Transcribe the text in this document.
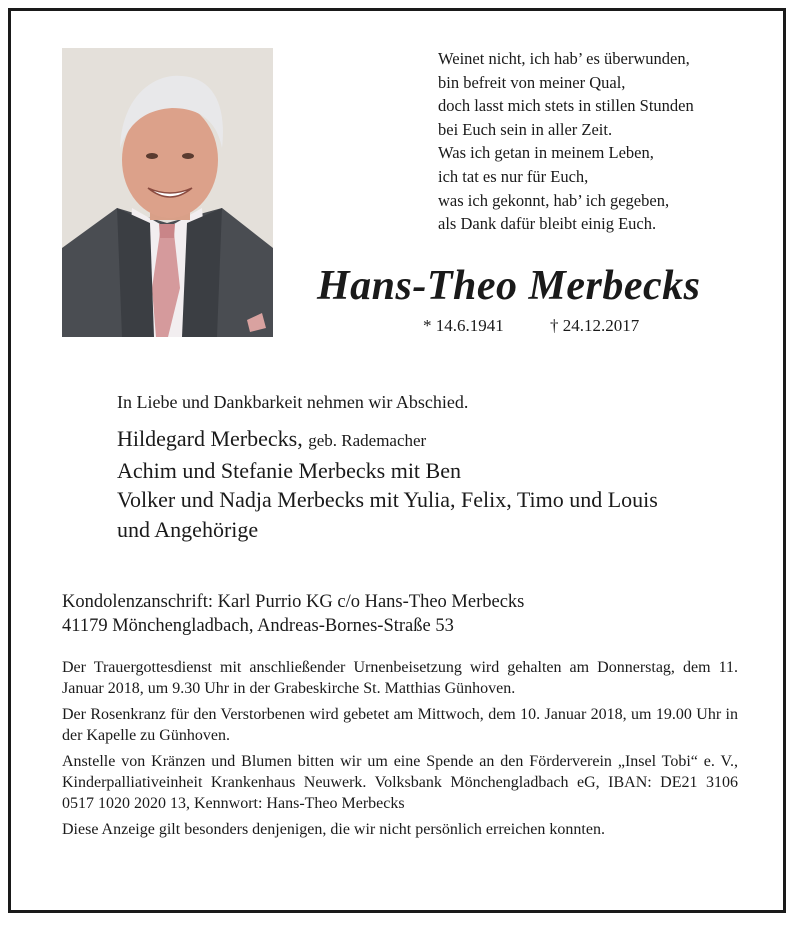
Weinet nicht, ich hab’ es überwunden,
bin befreit von meiner Qual,
doch lasst mich stets in stillen Stunden
bei Euch sein in aller Zeit.
Was ich getan in meinem Leben,
ich tat es nur für Euch,
was ich gekonnt, hab’ ich gegeben,
als Dank dafür bleibt einig Euch.
Hans-Theo Merbecks
* 14.6.1941	† 24.12.2017
In Liebe und Dankbarkeit nehmen wir Abschied.
Hildegard Merbecks, geb. Rademacher
Achim und Stefanie Merbecks mit Ben
Volker und Nadja Merbecks mit Yulia, Felix, Timo und Louis
und Angehörige
Kondolenzanschrift: Karl Purrio KG c/o Hans-Theo Merbecks
41179 Mönchengladbach, Andreas-Bornes-Straße 53

Der Trauergottesdienst mit anschließender Urnenbeisetzung wird gehalten am Donnerstag, dem 11. Januar 2018, um 9.30 Uhr in der Grabeskirche St. Matthias Günhoven.

Der Rosenkranz für den Verstorbenen wird gebetet am Mittwoch, dem 10. Januar 2018, um 19.00 Uhr in der Kapelle zu Günhoven.

Anstelle von Kränzen und Blumen bitten wir um eine Spende an den Förderverein „Insel Tobi“ e. V., Kinderpalliativeinheit Krankenhaus Neuwerk. Volksbank Mönchengladbach eG, IBAN: DE21 3106 0517 1020 2020 13, Kennwort: Hans-Theo Merbecks

Diese Anzeige gilt besonders denjenigen, die wir nicht persönlich erreichen konnten.
